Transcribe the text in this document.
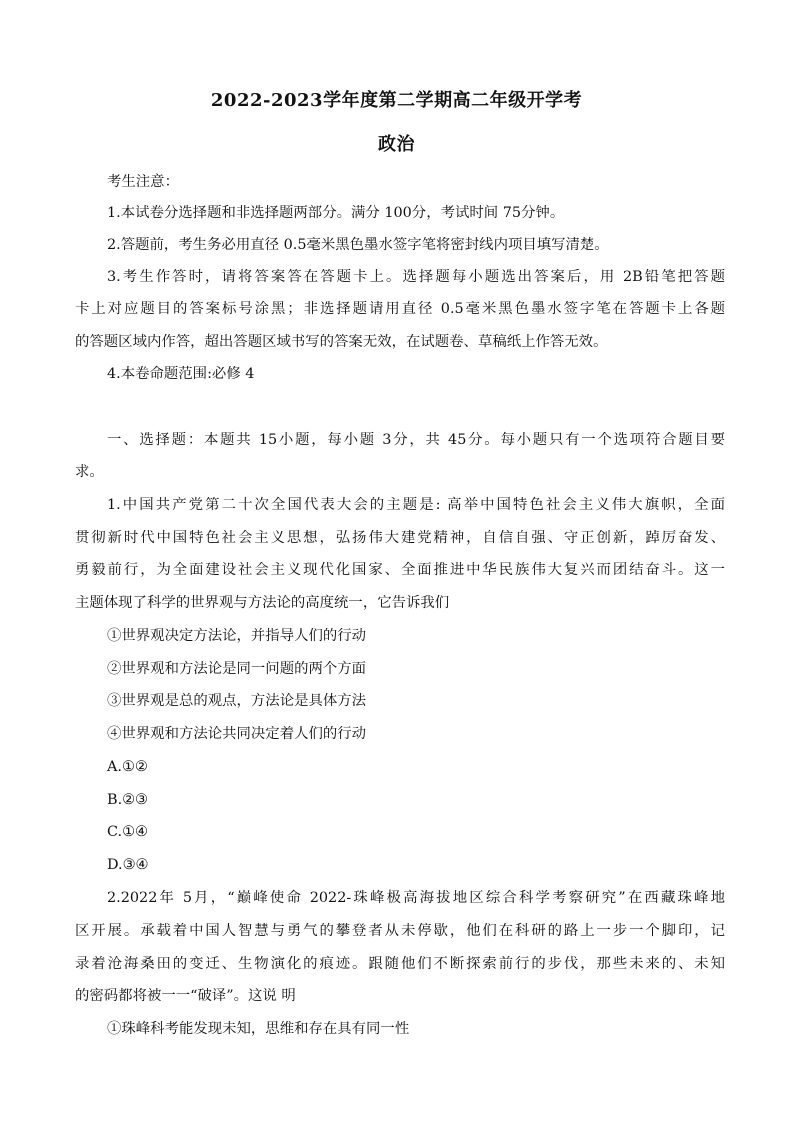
2022-2023学年度第二学期高二年级开学考
政治
考生注意：
1.本试卷分选择题和非选择题两部分。满分 100分，考试时间 75分钟。
2.答题前，考生务必用直径 0.5毫米黑色墨水签字笔将密封线内项目填写清楚。
3.考生作答时，请将答案答在答题卡上。选择题每小题选出答案后，用 2B铅笔把答题
卡上对应题目的答案标号涂黑；非选择题请用直径 0.5毫米黑色墨水签字笔在答题卡上各题
的答题区域内作答，超出答题区域书写的答案无效，在试题卷、草稿纸上作答无效。
4.本卷命题范围:必修 4
一、选择题：本题共 15小题，每小题 3分，共 45分。每小题只有一个选项符合题目要
求。
1.中国共产党第二十次全国代表大会的主题是: 高举中国特色社会主义伟大旗帜，全面
贯彻新时代中国特色社会主义思想，弘扬伟大建党精神，自信自强、守正创新，踔厉奋发、
勇毅前行，为全面建设社会主义现代化国家、全面推进中华民族伟大复兴而团结奋斗。这一
主题体现了科学的世界观与方法论的高度统一，它告诉我们
①世界观决定方法论，并指导人们的行动
②世界观和方法论是同一问题的两个方面
③世界观是总的观点，方法论是具体方法
④世界观和方法论共同决定着人们的行动
A.①②
B.②③
C.①④
D.③④
2.2022年 5月，“巅峰使命 2022-珠峰极高海拔地区综合科学考察研究”在西藏珠峰地
区开展。承载着中国人智慧与勇气的攀登者从未停歇，他们在科研的路上一步一个脚印，记
录着沧海桑田的变迁、生物演化的痕迹。跟随他们不断探索前行的步伐，那些未来的、未知
的密码都将被一一“破译”。这说 明
①珠峰科考能发现未知，思维和存在具有同一性
